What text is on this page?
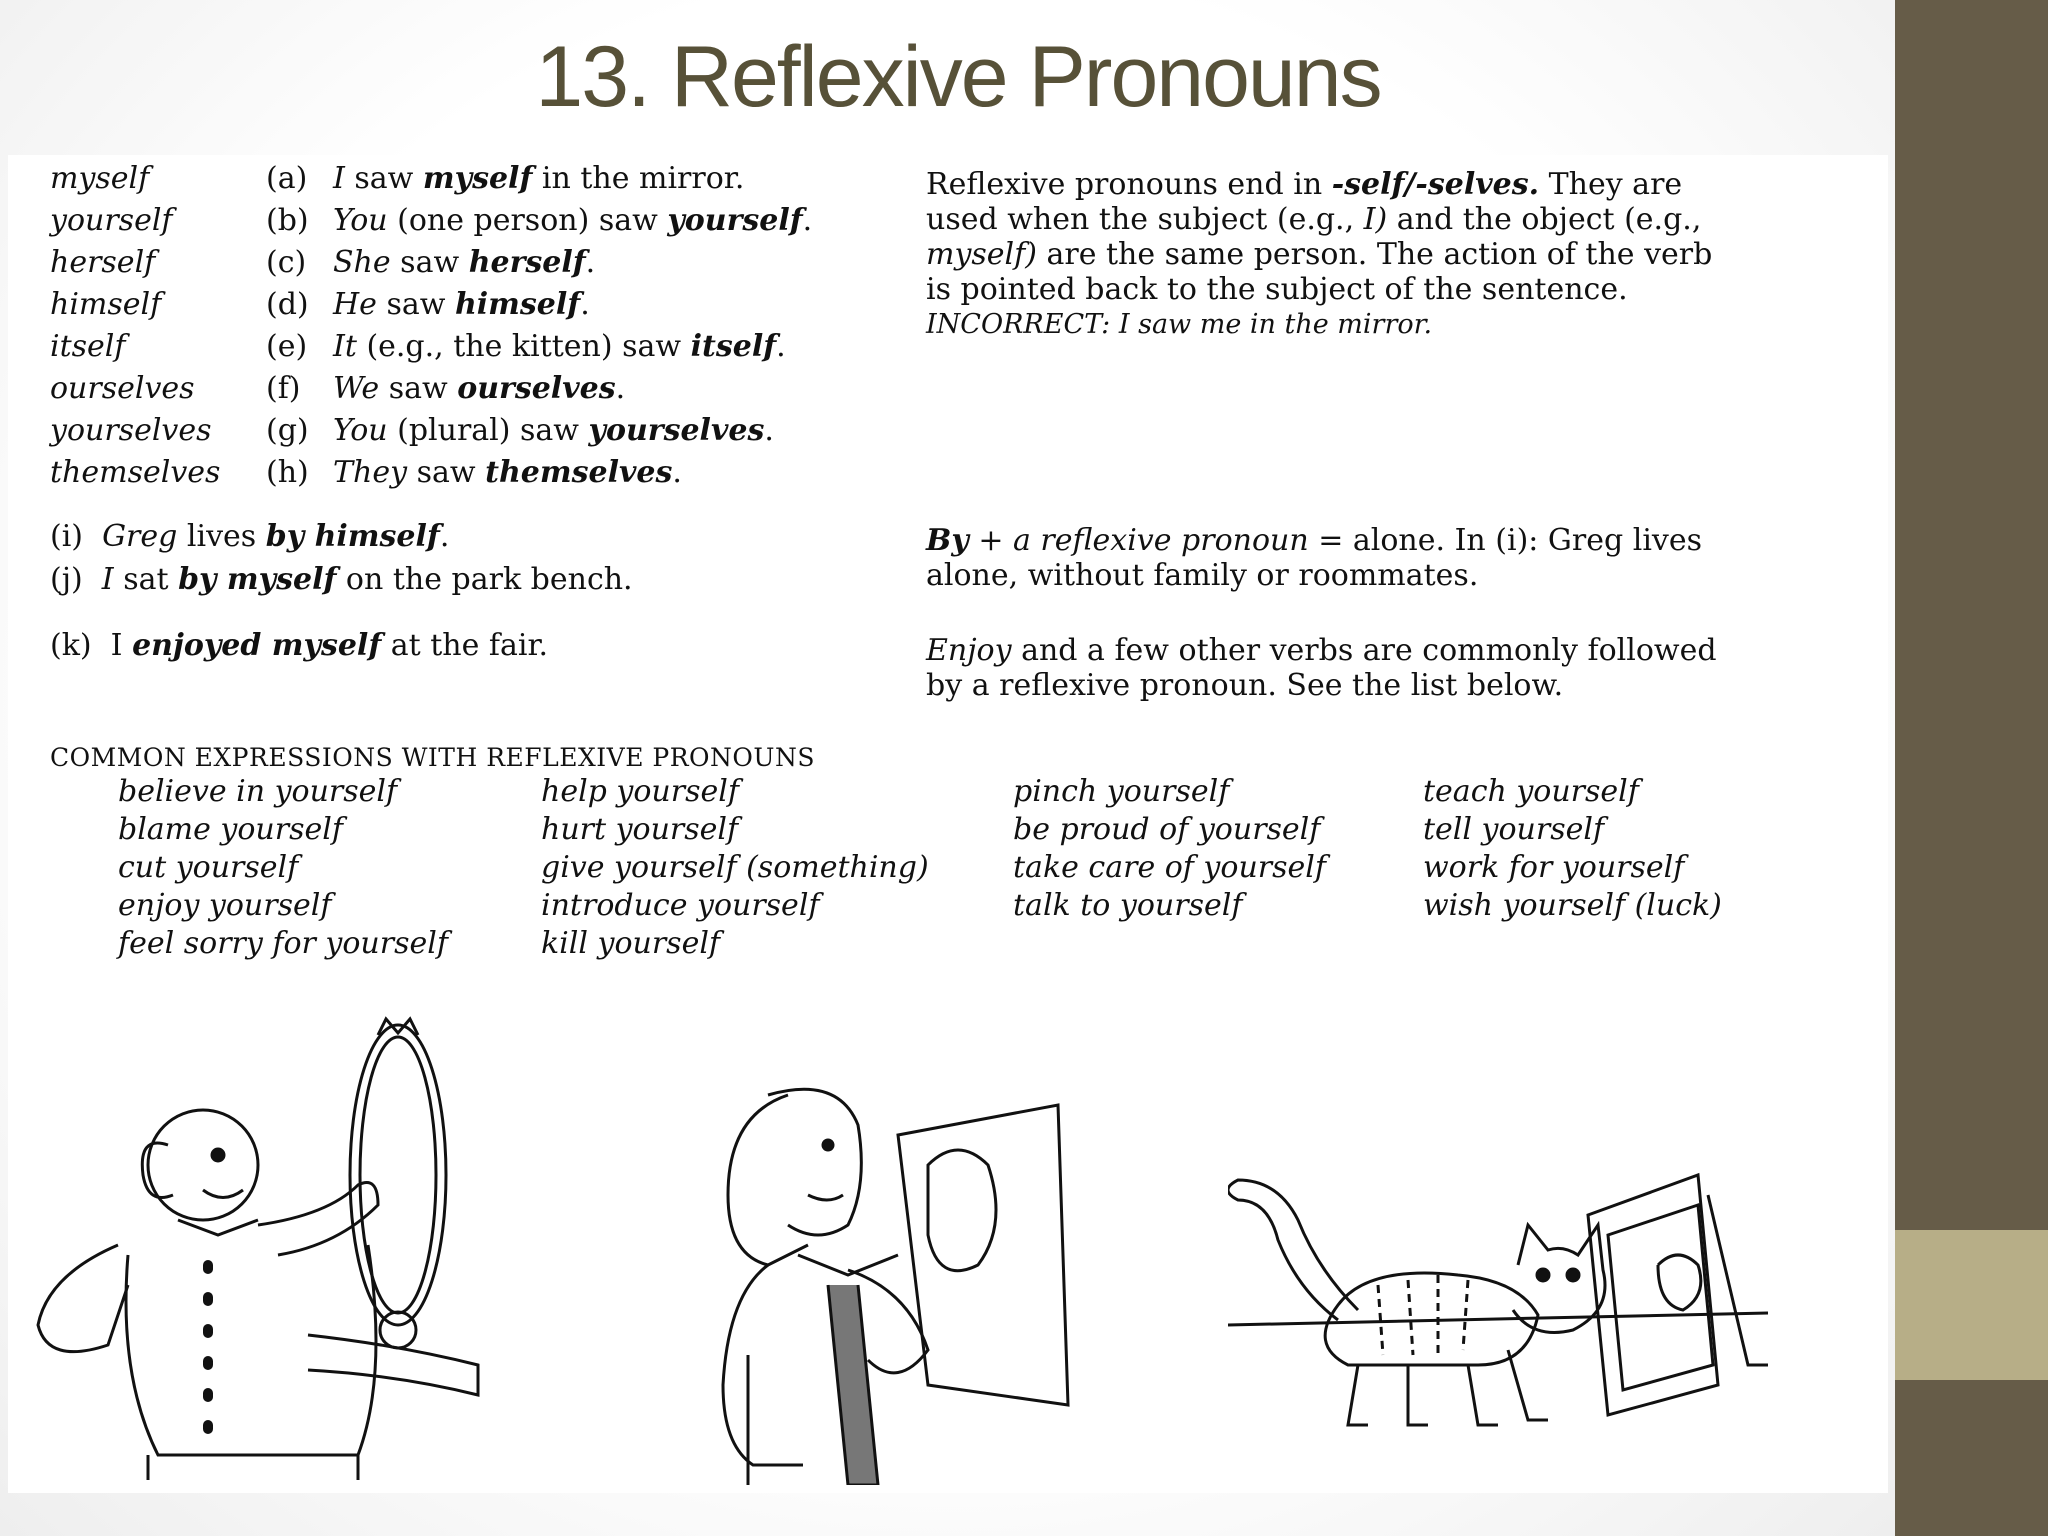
13. Reflexive Pronouns
myself	(a) I saw myself in the mirror.
yourself	(b) You (one person) saw yourself.
herself	(c) She saw herself.
himself	(d) He saw himself.
itself	(e) It (e.g., the kitten) saw itself.
ourselves (f) We saw ourselves.
yourselves (g) You (plural) saw yourselves.
themselves (h) They saw themselves.
Reflexive pronouns end in -self/-selves. They are
used when the subject (e.g., I) and the object (e.g.,
myself) are the same person. The action of the verb
is pointed back to the subject of the sentence.
INCORRECT: I saw me in the mirror.
(i) Greg lives by himself.
(j) I sat by myself on the park bench.
By + a reflexive pronoun = alone. In (i): Greg lives
alone, without family or roommates.
(k) I enjoyed myself at the fair.	Enjoy and a few other verbs are commonly followed
by a reflexive pronoun. See the list below.
COMMON EXPRESSIONS WITH REFLEXIVE PRONOUNS
believe in yourself
blame yourself
cut yourself
enjoy yourself
feel sorry for yourself
help yourself
hurt yourself
give yourself (something)
introduce yourself
kill yourself
pinch yourself
be proud of yourself
take care of yourself
talk to yourself
teach yourself
tell yourself
work for yourself
wish yourself (luck)
